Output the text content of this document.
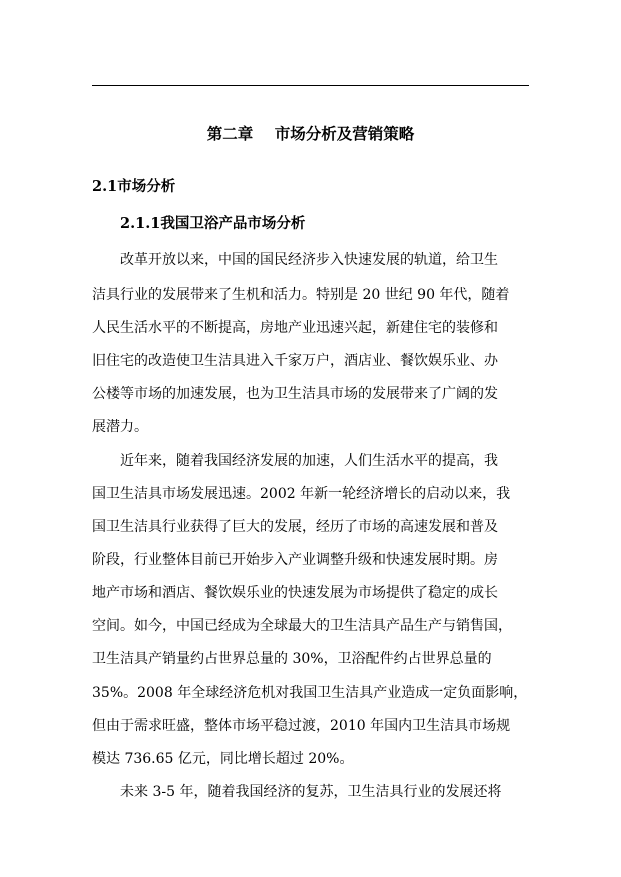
第二章    市场分析及营销策略
2.1市场分析
2.1.1我国卫浴产品市场分析
改革开放以来，中国的国民经济步入快速发展的轨道，给卫生
洁具行业的发展带来了生机和活力。特别是 20 世纪 90 年代，随着
人民生活水平的不断提高，房地产业迅速兴起，新建住宅的装修和
旧住宅的改造使卫生洁具进入千家万户，酒店业、餐饮娱乐业、办
公楼等市场的加速发展，也为卫生洁具市场的发展带来了广阔的发
展潜力。
近年来，随着我国经济发展的加速，人们生活水平的提高，我
国卫生洁具市场发展迅速。2002 年新一轮经济增长的启动以来，我
国卫生洁具行业获得了巨大的发展，经历了市场的高速发展和普及
阶段，行业整体目前已开始步入产业调整升级和快速发展时期。房
地产市场和酒店、餐饮娱乐业的快速发展为市场提供了稳定的成长
空间。如今，中国已经成为全球最大的卫生洁具产品生产与销售国，
卫生洁具产销量约占世界总量的 30%，卫浴配件约占世界总量的
35%。2008 年全球经济危机对我国卫生洁具产业造成一定负面影响，
但由于需求旺盛，整体市场平稳过渡，2010 年国内卫生洁具市场规
模达 736.65 亿元，同比增长超过 20%。
未来 3-5 年，随着我国经济的复苏，卫生洁具行业的发展还将
